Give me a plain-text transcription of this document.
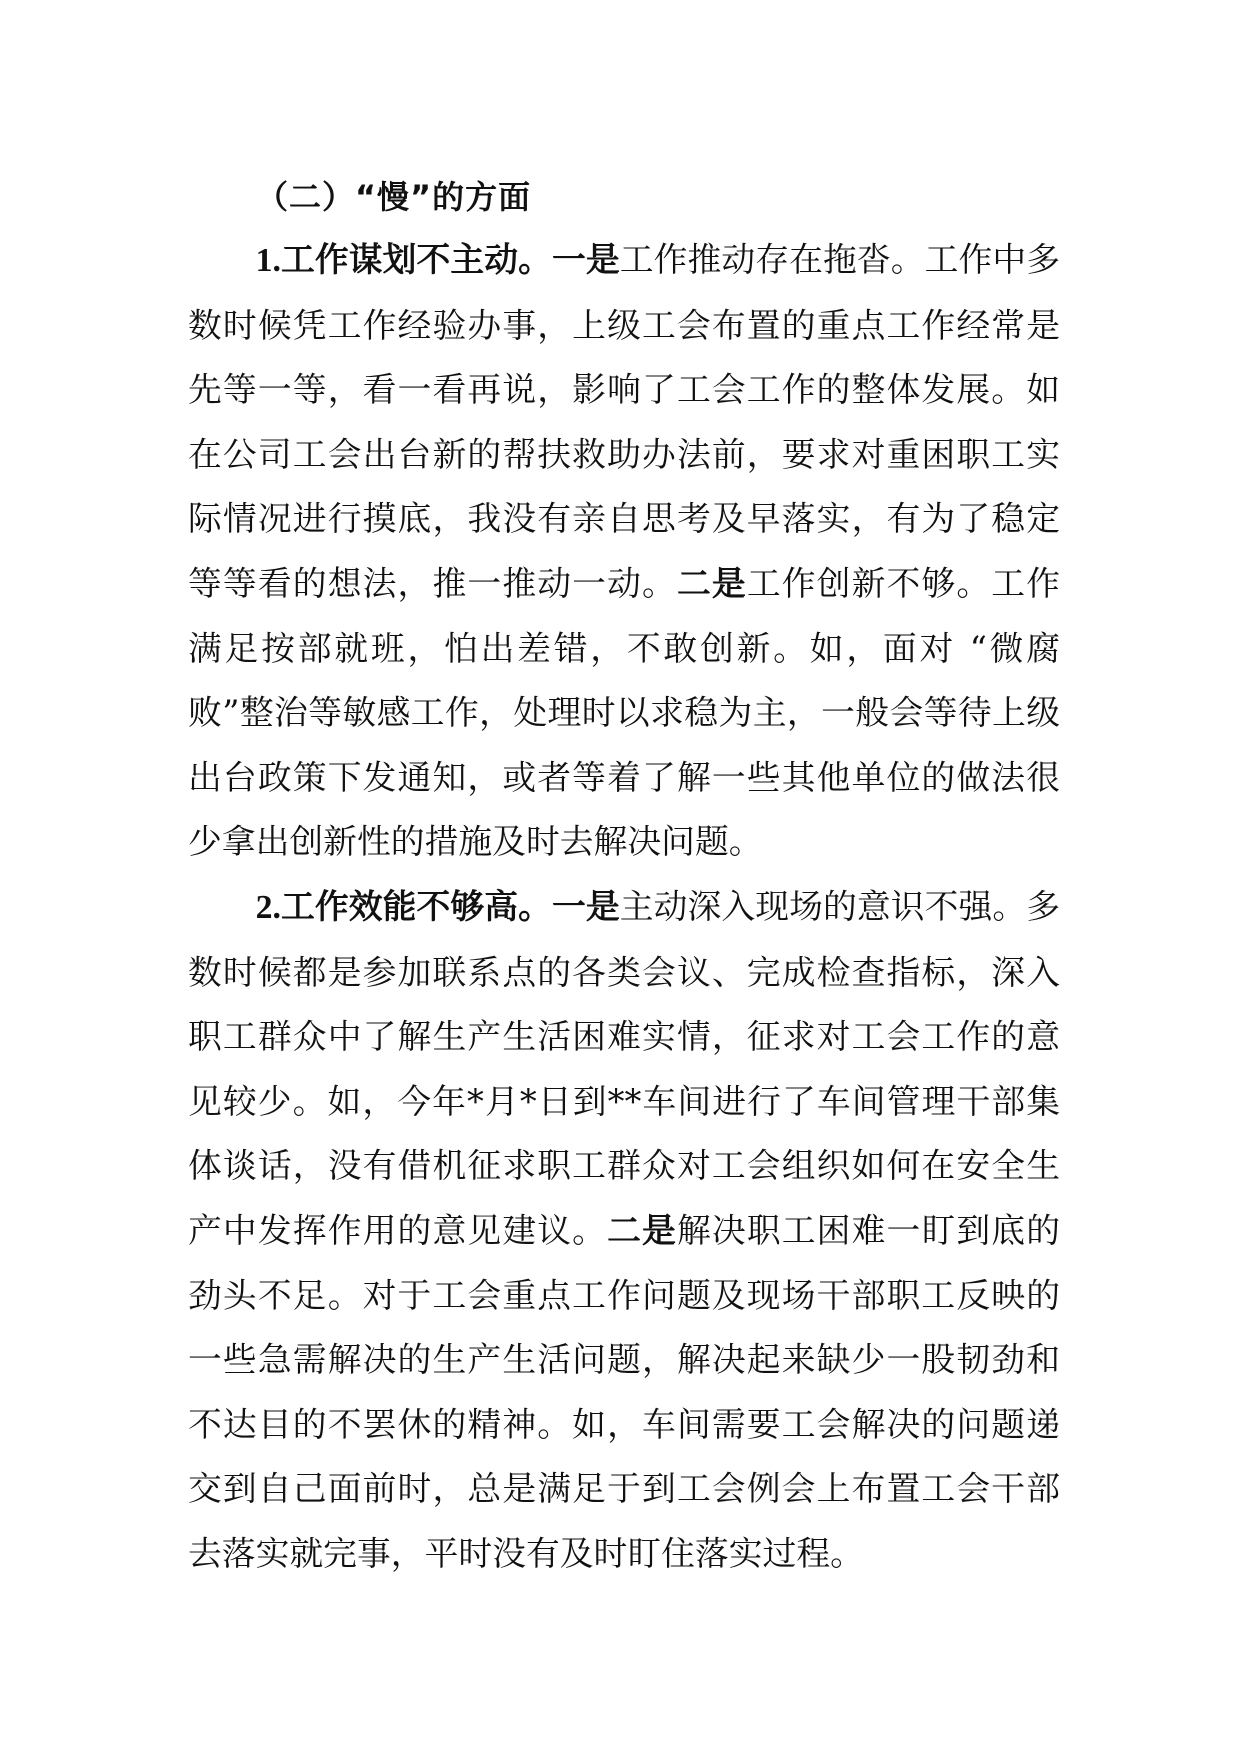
（二）“慢”的方面

1.工作谋划不主动。一是工作推动存在拖沓。工作中多数时候凭工作经验办事，上级工会布置的重点工作经常是先等一等，看一看再说，影响了工会工作的整体发展。如在公司工会出台新的帮扶救助办法前，要求对重困职工实际情况进行摸底，我没有亲自思考及早落实，有为了稳定等等看的想法，推一推动一动。二是工作创新不够。工作满足按部就班，怕出差错，不敢创新。如，面对 “微腐败”整治等敏感工作，处理时以求稳为主，一般会等待上级出台政策下发通知，或者等着了解一些其他单位的做法很少拿出创新性的措施及时去解决问题。

2.工作效能不够高。一是主动深入现场的意识不强。多数时候都是参加联系点的各类会议、完成检查指标，深入职工群众中了解生产生活困难实情，征求对工会工作的意见较少。如，今年*月*日到**车间进行了车间管理干部集体谈话，没有借机征求职工群众对工会组织如何在安全生产中发挥作用的意见建议。二是解决职工困难一盯到底的劲头不足。对于工会重点工作问题及现场干部职工反映的一些急需解决的生产生活问题，解决起来缺少一股韧劲和不达目的不罢休的精神。如，车间需要工会解决的问题递交到自己面前时，总是满足于到工会例会上布置工会干部去落实就完事，平时没有及时盯住落实过程。
